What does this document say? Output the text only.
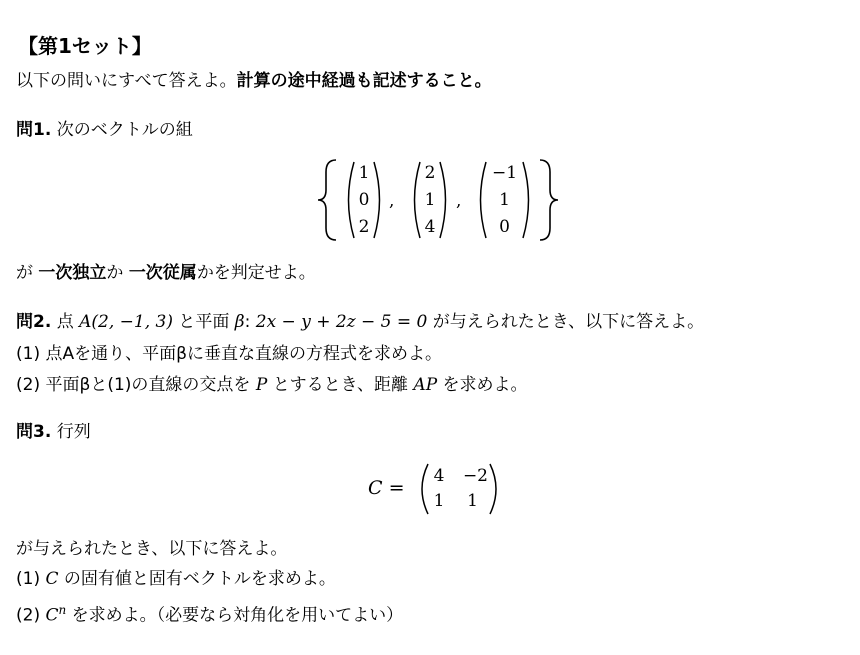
【第1セット】
以下の問いにすべて答えよ。計算の途中経過も記述すること。
問1. 次のベクトルの組
1
0
2
,
2
1
4
,
−1
1
0
が 一次独立か 一次従属かを判定せよ。
問2. 点 A(2, −1, 3) と平面 β: 2x − y + 2z − 5 = 0 が与えられたとき、以下に答えよ。
(1) 点Aを通り、平面βに垂直な直線の方程式を求めよ。
(2) 平面βと(1)の直線の交点を P とするとき、距離 AP を求めよ。
問3. 行列
C =
4	−2
1	1
が与えられたとき、以下に答えよ。
(1) C の固有値と固有ベクトルを求めよ。
(2) $C^n$ を求めよ。（必要なら対角化を用いてよい）
